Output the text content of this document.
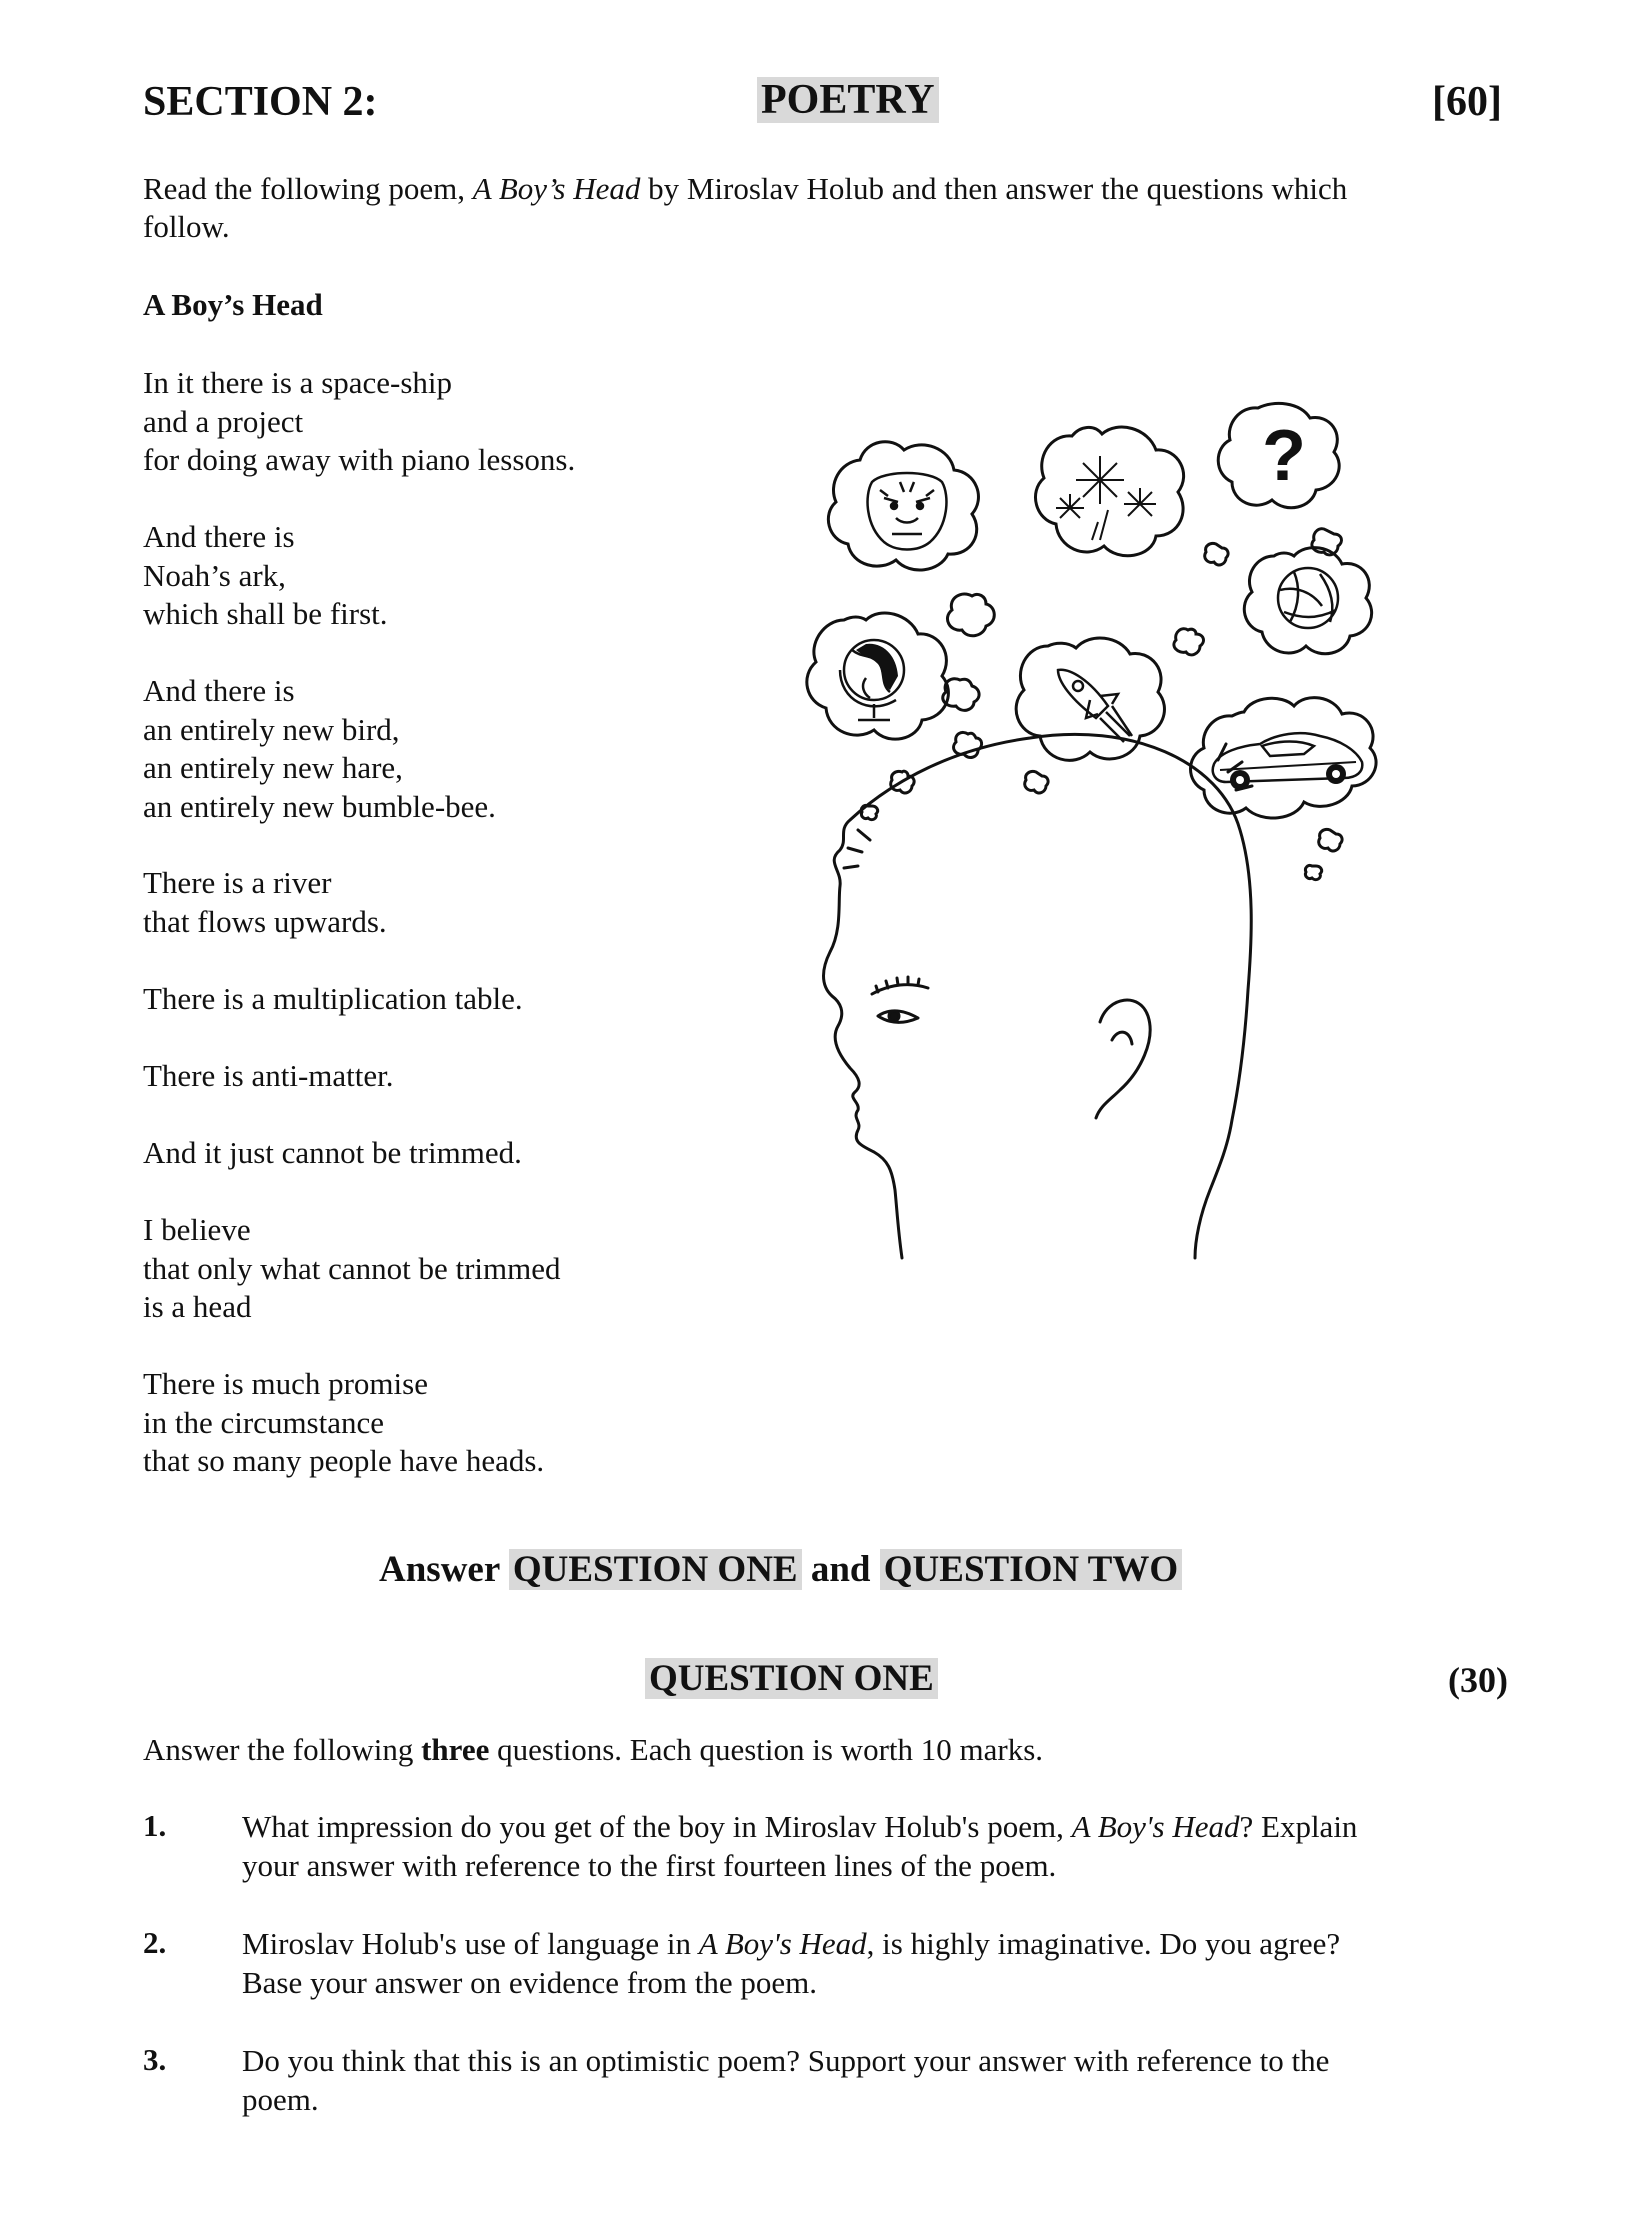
SECTION 2:	POETRY	[60]
Read the following poem, A Boy’s Head by Miroslav Holub and then answer the questions which
follow.
A Boy’s Head
In it there is a space-ship
and a project
for doing away with piano lessons.
And there is
Noah’s ark,
which shall be first.
And there is
an entirely new bird,
an entirely new hare,
an entirely new bumble-bee.
There is a river
that flows upwards.
There is a multiplication table.
There is anti-matter.
And it just cannot be trimmed.
I believe
that only what cannot be trimmed
is a head
There is much promise
in the circumstance
that so many people have heads.
?
Answer QUESTION ONE and QUESTION TWO
QUESTION ONE	(30)
Answer the following three questions. Each question is worth 10 marks.
1. What impression do you get of the boy in Miroslav Holub's poem, A Boy's Head? Explain
your answer with reference to the first fourteen lines of the poem.
2. Miroslav Holub's use of language in A Boy's Head, is highly imaginative. Do you agree?
Base your answer on evidence from the poem.
3. Do you think that this is an optimistic poem? Support your answer with reference to the
poem.
